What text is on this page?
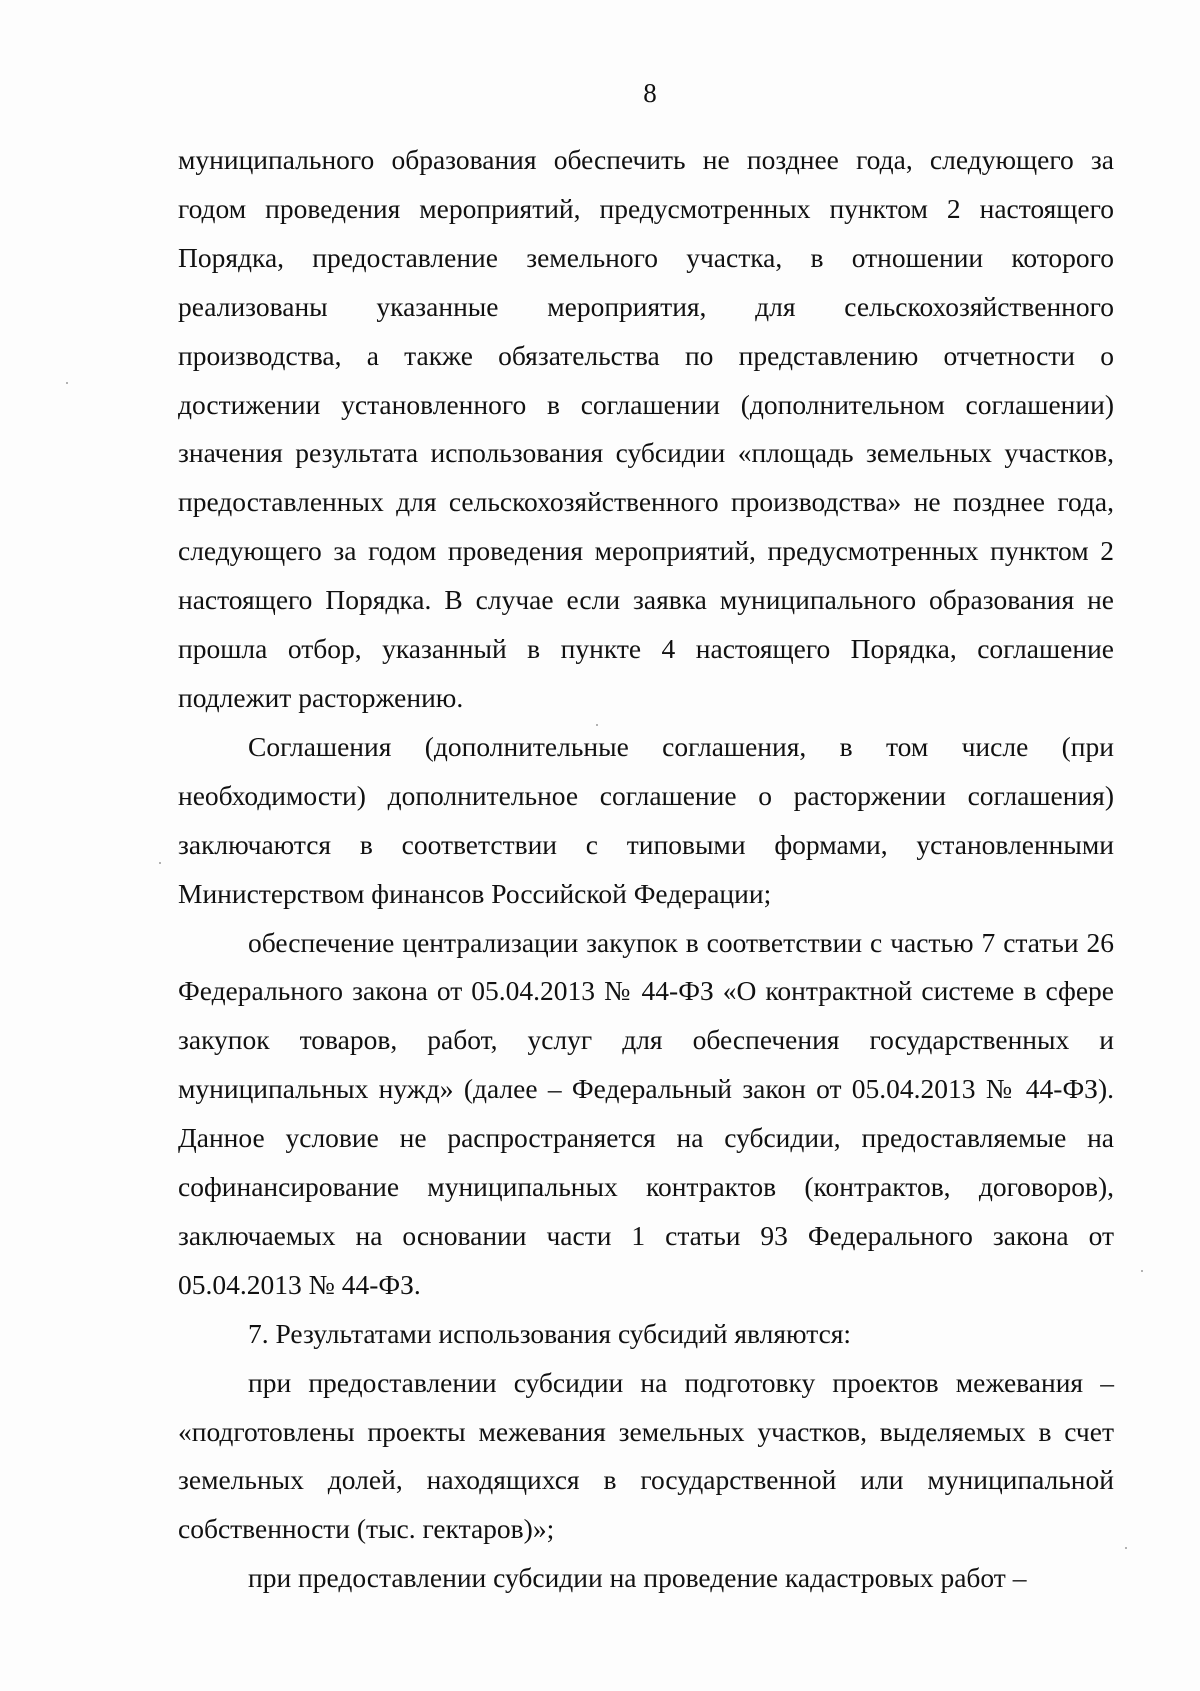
8

муниципального образования обеспечить не позднее года, следующего за годом проведения мероприятий, предусмотренных пунктом 2 настоящего Порядка, предоставление земельного участка, в отношении которого реализованы указанные мероприятия, для сельскохозяйственного производства, а также обязательства по представлению отчетности о достижении установленного в соглашении (дополнительном соглашении) значения результата использования субсидии «площадь земельных участков, предоставленных для сельскохозяйственного производства» не позднее года, следующего за годом проведения мероприятий, предусмотренных пунктом 2 настоящего Порядка. В случае если заявка муниципального образования не прошла отбор, указанный в пункте 4 настоящего Порядка, соглашение подлежит расторжению.

Соглашения (дополнительные соглашения, в том числе (при необходимости) дополнительное соглашение о расторжении соглашения) заключаются в соответствии с типовыми формами, установленными Министерством финансов Российской Федерации;

обеспечение централизации закупок в соответствии с частью 7 статьи 26 Федерального закона от 05.04.2013 № 44-ФЗ «О контрактной системе в сфере закупок товаров, работ, услуг для обеспечения государственных и муниципальных нужд» (далее – Федеральный закон от 05.04.2013 № 44-ФЗ). Данное условие не распространяется на субсидии, предоставляемые на софинансирование муниципальных контрактов (контрактов, договоров), заключаемых на основании части 1 статьи 93 Федерального закона от 05.04.2013 № 44-ФЗ.

7. Результатами использования субсидий являются:

при предоставлении субсидии на подготовку проектов межевания – «подготовлены проекты межевания земельных участков, выделяемых в счет земельных долей, находящихся в государственной или муниципальной собственности (тыс. гектаров)»;

при предоставлении субсидии на проведение кадастровых работ –
